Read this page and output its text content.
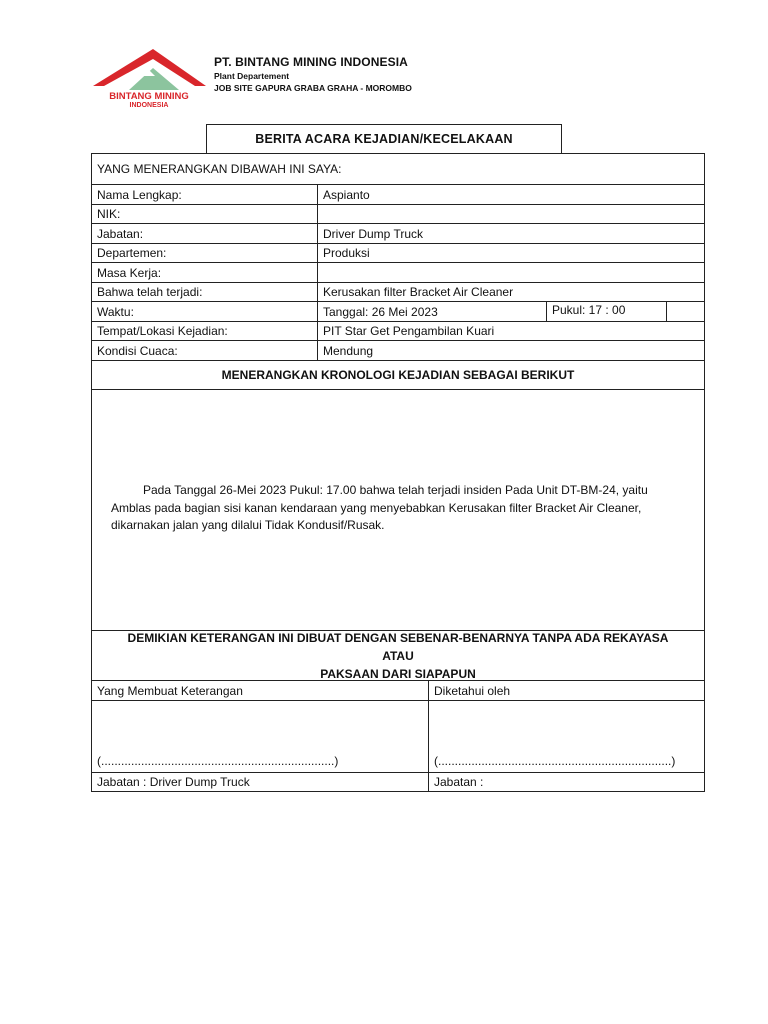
BINTANG MINING
INDONESIA
PT. BINTANG MINING INDONESIA
Plant Departement
JOB SITE GAPURA GRABA GRAHA - MOROMBO
BERITA ACARA KEJADIAN/KECELAKAAN
YANG MENERANGKAN DIBAWAH INI SAYA:
Nama Lengkap:	Aspianto
NIK:
Jabatan:	Driver Dump Truck
Departemen:	Produksi
Masa Kerja:
Bahwa telah terjadi:	Kerusakan filter Bracket Air Cleaner
Waktu:	Tanggal: 26 Mei 2023	Pukul: 17 : 00
Tempat/Lokasi Kejadian:	PIT Star Get Pengambilan Kuari
Kondisi Cuaca:	Mendung
MENERANGKAN KRONOLOGI KEJADIAN SEBAGAI BERIKUT

Pada Tanggal 26-Mei 2023 Pukul: 17.00 bahwa telah terjadi insiden Pada Unit DT-BM-24, yaitu
Amblas pada bagian sisi kanan kendaraan yang menyebabkan Kerusakan filter Bracket Air Cleaner,
dikarnakan jalan yang dilalui Tidak Kondusif/Rusak.

DEMIKIAN KETERANGAN INI DIBUAT DENGAN SEBENAR-BENARNYA TANPA ADA REKAYASA ATAU
PAKSAAN DARI SIAPAPUN
Yang Membuat Keterangan	Diketahui oleh
(......................................................................)	(......................................................................)
Jabatan : Driver Dump Truck	Jabatan :
